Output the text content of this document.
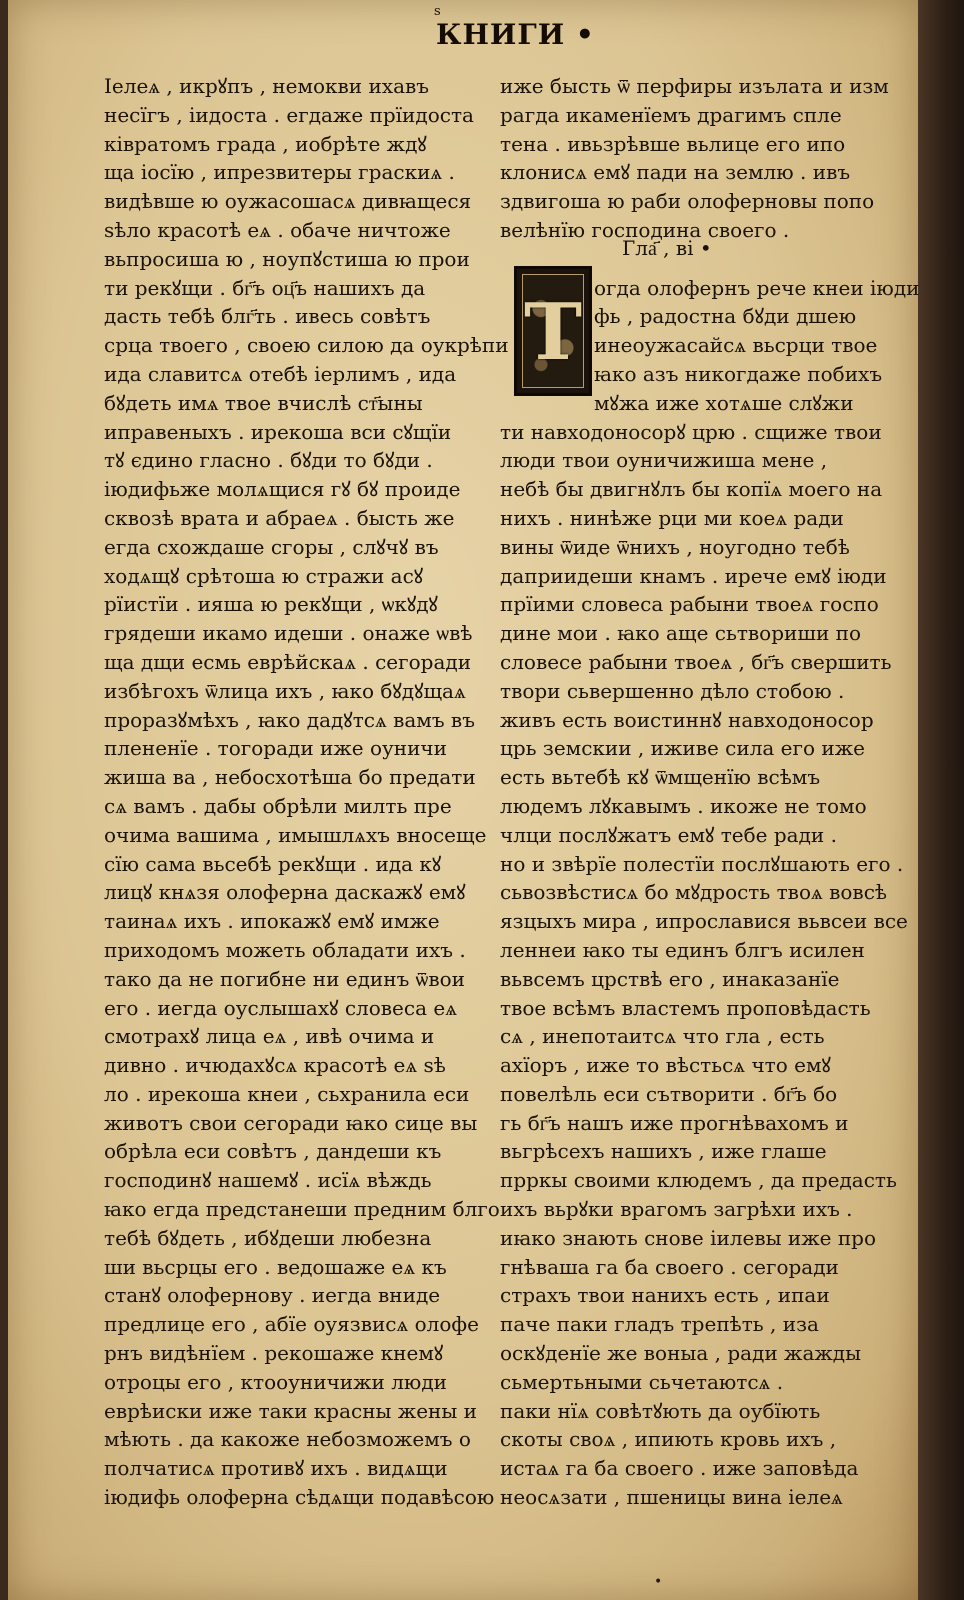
ѕ
КНИГИ •
Іелеѧ , икрꙋпъ , немокви ихавъ
несїгъ , іидоста . егдаже прїидоста
ківратомъ града , иобрѣте ждꙋ
ща іосїю , ипрезвитеры граскиѧ .
видѣвше ю оужасошасѧ дивꙗщеся
ѕѣло красотѣ еѧ . обаче ничтоже
вьпросиша ю , ноупꙋстиша ю прои
ти рекꙋщи . бг҃ъ оц҃ъ нашихъ да
дасть тебѣ блг҃ть . ивесь совѣтъ
срца твоего , своею силою да оукрѣпи
ида славитсѧ отебѣ іерлимъ , ида
бꙋдеть имѧ твое вчислѣ ст҃ыны
иправеныхъ . ирекоша вси сꙋщїи
тꙋ єдино гласно . бꙋди то бꙋди .
іюдифьже молѧщися гꙋ бꙋ проиде
сквозѣ врата и абраеѧ . бысть же
егда схождаше сгоры , слꙋчꙋ въ
ходѧщꙋ срѣтоша ю стражи асꙋ
рїистїи . ияша ю рекꙋщи , ѡкꙋдꙋ
грядеши икамо идеши . онаже ѡвѣ
ща дщи есмь еврѣйскаѧ . сегоради
избѣгохъ ѿлица ихъ , ꙗко бꙋдꙋщаѧ
проразꙋмѣхъ , ꙗко дадꙋтсѧ вамъ въ
плененїе . тогоради иже оуничи
жиша ва , небосхотѣша бо предати
сѧ вамъ . дабы обрѣли милть пре
очима вашима , имышлѧхъ вносеще
сїю сама вьсебѣ рекꙋщи . ида кꙋ
лицꙋ кнѧзя олоферна даскажꙋ емꙋ
таинаѧ ихъ . ипокажꙋ емꙋ имже
приходомъ можеть обладати ихъ .
тако да не погибне ни единъ ѿвои
его . иегда оуслышахꙋ словеса еѧ
смотрахꙋ лица еѧ , ивѣ очима и
дивно . ичюдахꙋсѧ красотѣ еѧ ѕѣ
ло . ирекоша кнеи , сьхранила еси
животъ свои сегоради ꙗко сице вы
обрѣла еси совѣтъ , дандеши къ
господинꙋ нашемꙋ . исїѧ вѣждь
ꙗко егда предстанеши предним блго
тебѣ бꙋдеть , ибꙋдеши любезна
ши вьсрцы его . ведошаже еѧ къ
станꙋ олофернову . иегда вниде
предлице его , абїе оуязвисѧ олофе
рнъ видѣнїем . рекошаже кнемꙋ
отроцы его , ктооуничижи люди
еврѣиски иже таки красны жены и
мѣють . да какоже небозможемъ о
полчатисѧ противꙋ ихъ . видѧщи
іюдифь олоферна сѣдѧщи подавѣсою
Гла҃ , ві •
Т
иже бысть ѿ перфиры изълата и изм
рагда икаменїемъ драгимъ спле
тена . ивьзрѣвше вьлице его ипо
клонисѧ емꙋ пади на землю . ивъ
здвигоша ю раби олоферновы попо
велѣнїю господина своего .
огда олофернъ рече кнеи іюди
фь , радостна бꙋди дшею
инеоужасайсѧ вьсрци твое
ꙗко азъ никогдаже побихъ
мꙋжа иже хотѧше слꙋжи
ти навходоносорꙋ црю . сщиже твои
люди твои оуничижиша мене ,
небѣ бы двигнꙋлъ бы копїѧ моего на
нихъ . нинѣже рци ми коеѧ ради
вины ѿиде ѿнихъ , ноугодно тебѣ
даприидеши кнамъ . ирече емꙋ іюди
прїими словеса рабыни твоеѧ госпо
дине мои . ꙗко аще сьтвориши по
словесе рабыни твоеѧ , бг҃ъ свершить
твори сьвершенно дѣло стобою .
живъ есть воистиннꙋ навходоносор
црь земскии , иживе сила его иже
есть вьтебѣ кꙋ ѿмщенїю всѣмъ
людемъ лꙋкавымъ . икоже не томо
члци послꙋжатъ емꙋ тебе ради .
но и звѣрїе полестїи послꙋшають его .
сьвозвѣстисѧ бо мꙋдрость твоѧ вовсѣ
язцыхъ мира , ипрославися вьвсеи все
леннеи ꙗко ты единъ блгъ исилен
вьвсемъ црствѣ его , инаказанїе
твое всѣмъ властемъ проповѣдасть
сѧ , инепотаитсѧ что гла , есть
ахїоръ , иже то вѣстьсѧ что емꙋ
повелѣль еси сътворити . бг҃ъ бо
гь бг҃ъ нашъ иже прогнѣвахомъ и
вьгрѣсехъ нашихъ , иже глаше
прркы своими клюдемъ , да предасть
ихъ вьрꙋки врагомъ загрѣхи ихъ .
иꙗко знають снове іилевы иже про
гнѣваша га ба своего . сегоради
страхъ твои нанихъ есть , ипаи
паче паки гладъ трепѣть , иза
оскꙋденїе же воныа , ради жажды
сьмертьными сьчетаютсѧ .
паки нїѧ совѣтꙋють да оубїють
скоты своѧ , ипиють кровь ихъ ,
истаѧ га ба своего . иже заповѣда
неосѧзати , пшеницы вина іелеѧ
•
